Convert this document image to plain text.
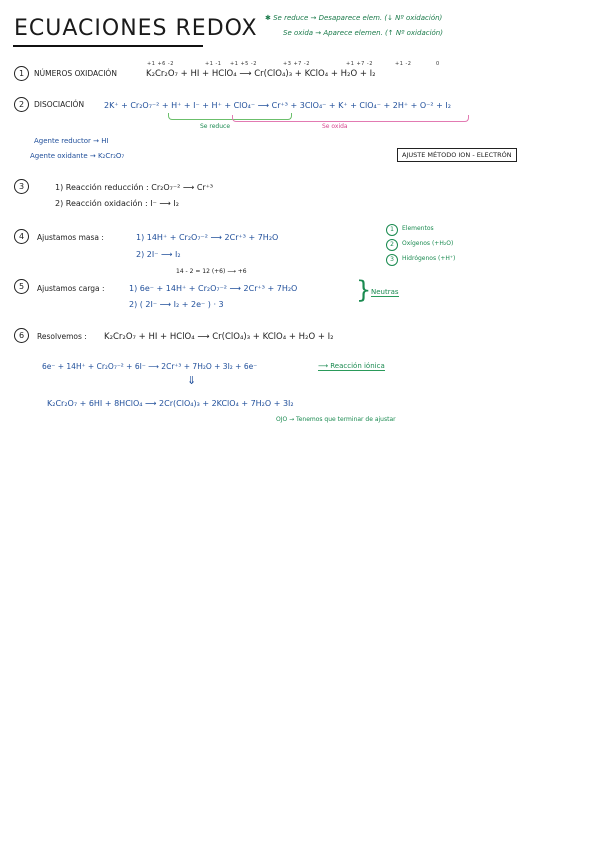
ECUACIONES REDOX ✱ Se reduce → Desaparece elem. (↓ Nº oxidación)
Se oxida → Aparece elemen. (↑ Nº oxidación)
1	NÚMEROS OXIDACIÓN
+1 +6 -2	+1 -1 +1 +5 -2	+3 +7 -2	+1 +7 -2	+1 -2	0
K₂Cr₂O₇ + HI + HClO₄ ⟶ Cr(ClO₄)₃ + KClO₄ + H₂O + I₂
2	DISOCIACIÓN 2K⁺ + Cr₂O₇⁻² + H⁺ + I⁻ + H⁺ + ClO₄⁻ ⟶ Cr⁺³ + 3ClO₄⁻ + K⁺ + ClO₄⁻ + 2H⁺ + O⁻² + I₂
Se reduce	Se oxida
Agente reductor → HI
Agente oxidante → K₂Cr₂O₇	AJUSTE MÉTODO ION - ELECTRÓN
3	1) Reacción reducción : Cr₂O₇⁻² ⟶ Cr⁺³
2) Reacción oxidación : I⁻ ⟶ I₂
4	Ajustamos masa :	1) 14H⁺ + Cr₂O₇⁻² ⟶ 2Cr⁺³ + 7H₂O
2) 2I⁻ ⟶ I₂
1	Elementos
2	Oxígenos (+H₂O)
3	Hidrógenos (+H⁺)
5	Ajustamos carga :
14 - 2 = 12 (+6) ⟶ +6
1) 6e⁻ + 14H⁺ + Cr₂O₇⁻² ⟶ 2Cr⁺³ + 7H₂O
2) ( 2I⁻ ⟶ I₂ + 2e⁻ ) · 3
} Neutras
6	Resolvemos : K₂Cr₂O₇ + HI + HClO₄ ⟶ Cr(ClO₄)₃ + KClO₄ + H₂O + I₂
6e⁻ + 14H⁺ + Cr₂O₇⁻² + 6I⁻ ⟶ 2Cr⁺³ + 7H₂O + 3I₂ + 6e⁻	⟶ Reacción iónica
⇓
K₂Cr₂O₇ + 6HI + 8HClO₄ ⟶ 2Cr(ClO₄)₃ + 2KClO₄ + 7H₂O + 3I₂
OJO → Tenemos que terminar de ajustar
